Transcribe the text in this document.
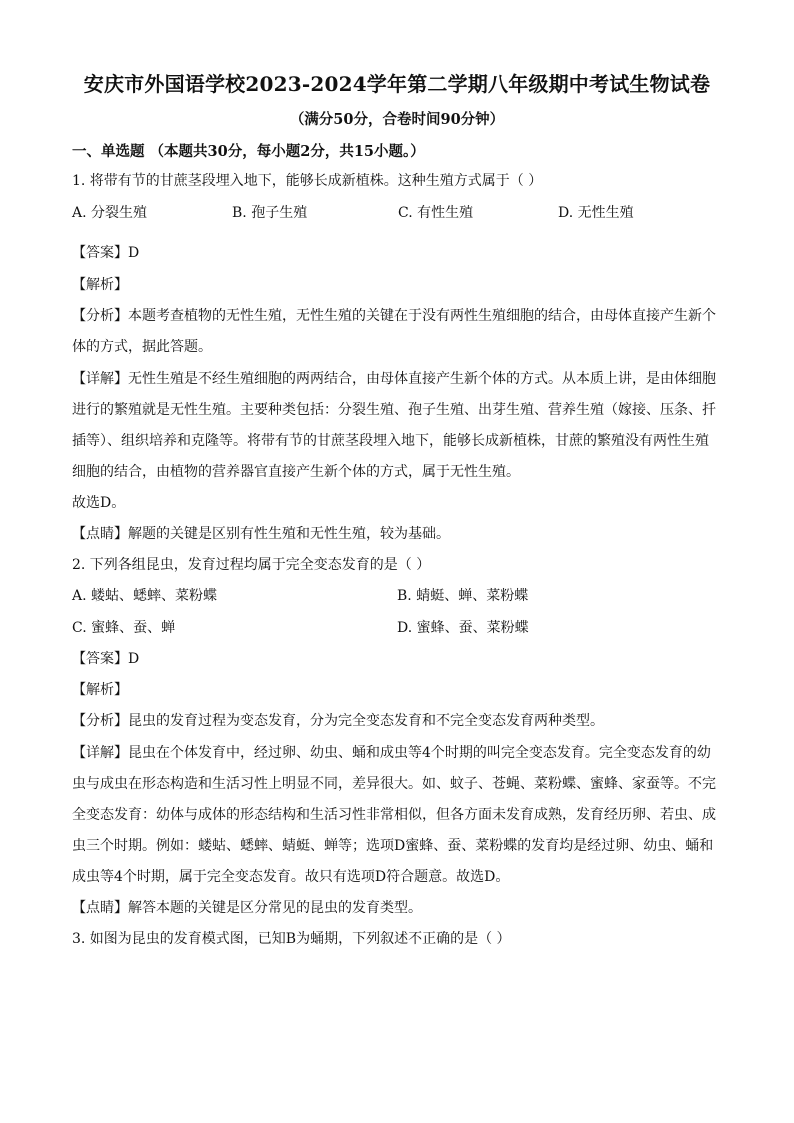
安庆市外国语学校2023-2024学年第二学期八年级期中考试生物试卷
（满分50分，合卷时间90分钟）
一、单选题 （本题共30分，每小题2分，共15小题。）
1. 将带有节的甘蔗茎段埋入地下，能够长成新植株。这种生殖方式属于（ ）
A. 分裂生殖	B. 孢子生殖	C. 有性生殖	D. 无性生殖
【答案】D
【解析】
【分析】本题考查植物的无性生殖，无性生殖的关键在于没有两性生殖细胞的结合，由母体直接产生新个
体的方式，据此答题。
【详解】无性生殖是不经生殖细胞的两两结合，由母体直接产生新个体的方式。从本质上讲，是由体细胞
进行的繁殖就是无性生殖。主要种类包括：分裂生殖、孢子生殖、出芽生殖、营养生殖（嫁接、压条、扦
插等）、组织培养和克隆等。将带有节的甘蔗茎段埋入地下，能够长成新植株，甘蔗的繁殖没有两性生殖
细胞的结合，由植物的营养器官直接产生新个体的方式，属于无性生殖。
故选D。
【点睛】解题的关键是区别有性生殖和无性生殖，较为基础。
2. 下列各组昆虫，发育过程均属于完全变态发育的是（ ）
A. 蝼蛄、蟋蟀、菜粉蝶	B. 蜻蜓、蝉、菜粉蝶
C. 蜜蜂、蚕、蝉	D. 蜜蜂、蚕、菜粉蝶
【答案】D
【解析】
【分析】昆虫的发育过程为变态发育，分为完全变态发育和不完全变态发育两种类型。
【详解】昆虫在个体发育中，经过卵、幼虫、蛹和成虫等4个时期的叫完全变态发育。完全变态发育的幼
虫与成虫在形态构造和生活习性上明显不同，差异很大。如、蚊子、苍蝇、菜粉蝶、蜜蜂、家蚕等。不完
全变态发育：幼体与成体的形态结构和生活习性非常相似，但各方面未发育成熟，发育经历卵、若虫、成
虫三个时期。例如：蝼蛄、蟋蟀、蜻蜓、蝉等；选项D蜜蜂、蚕、菜粉蝶的发育均是经过卵、幼虫、蛹和
成虫等4个时期，属于完全变态发育。故只有选项D符合题意。故选D。
【点睛】解答本题的关键是区分常见的昆虫的发育类型。
3. 如图为昆虫的发育模式图，已知B为蛹期，下列叙述不正确的是（ ）
